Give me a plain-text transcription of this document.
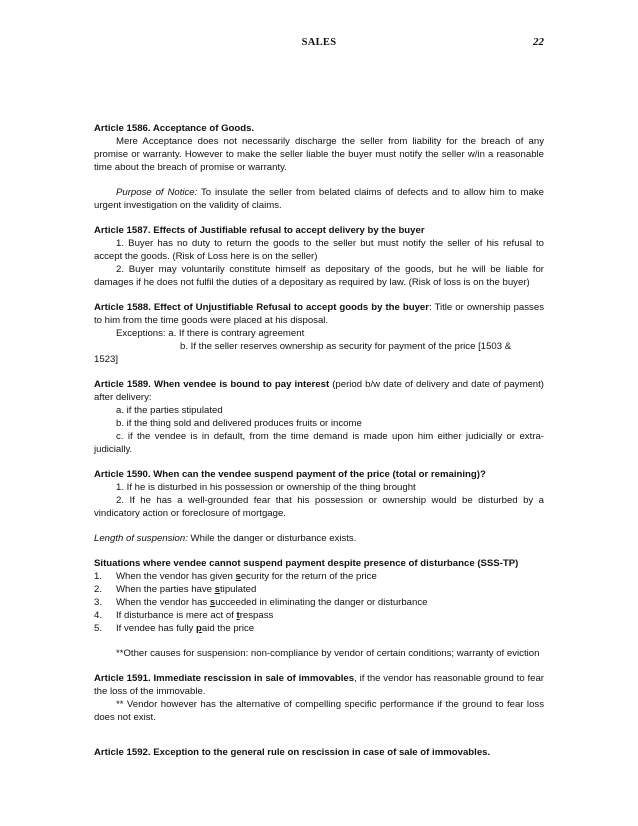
SALES	22

Article 1586. Acceptance of Goods.

Mere Acceptance does not necessarily discharge the seller from liability for the breach of any promise or warranty. However to make the seller liable the buyer must notify the seller w/in a reasonable time about the breach of promise or warranty.

Purpose of Notice: To insulate the seller from belated claims of defects and to allow him to make urgent investigation on the validity of claims.

Article 1587. Effects of Justifiable refusal to accept delivery by the buyer

1. Buyer has no duty to return the goods to the seller but must notify the seller of his refusal to accept the goods. (Risk of Loss here is on the seller)

2. Buyer may voluntarily constitute himself as depositary of the goods, but he will be liable for damages if he does not fulfil the duties of a depositary as required by law. (Risk of loss is on the buyer)

Article 1588. Effect of Unjustifiable Refusal to accept goods by the buyer: Title or ownership passes to him from the time goods were placed at his disposal.

Exceptions: a. If there is contrary agreement

b. If the seller reserves ownership as security for payment of the price [1503 &

1523]

Article 1589. When vendee is bound to pay interest (period b/w date of delivery and date of payment) after delivery:

a. if the parties stipulated

b. if the thing sold and delivered produces fruits or income

c. if the vendee is in default, from the time demand is made upon him either judicially or extra-judicially.

Article 1590. When can the vendee suspend payment of the price (total or remaining)?

1. If he is disturbed in his possession or ownership of the thing brought

2. If he has a well-grounded fear that his possession or ownership would be disturbed by a vindicatory action or foreclosure of mortgage.

Length of suspension: While the danger or disturbance exists.

Situations where vendee cannot suspend payment despite presence of disturbance (SSS-TP)

1.	When the vendor has given security for the return of the price
2.	When the parties have stipulated
3.	When the vendor has succeeded in eliminating the danger or disturbance
4.	If disturbance is mere act of trespass
5.	If vendee has fully paid the price

**Other causes for suspension: non-compliance by vendor of certain conditions; warranty of eviction

Article 1591. Immediate rescission in sale of immovables, if the vendor has reasonable ground to fear the loss of the immovable.

** Vendor however has the alternative of compelling specific performance if the ground to fear loss does not exist.

Article 1592. Exception to the general rule on rescission in case of sale of immovables.
